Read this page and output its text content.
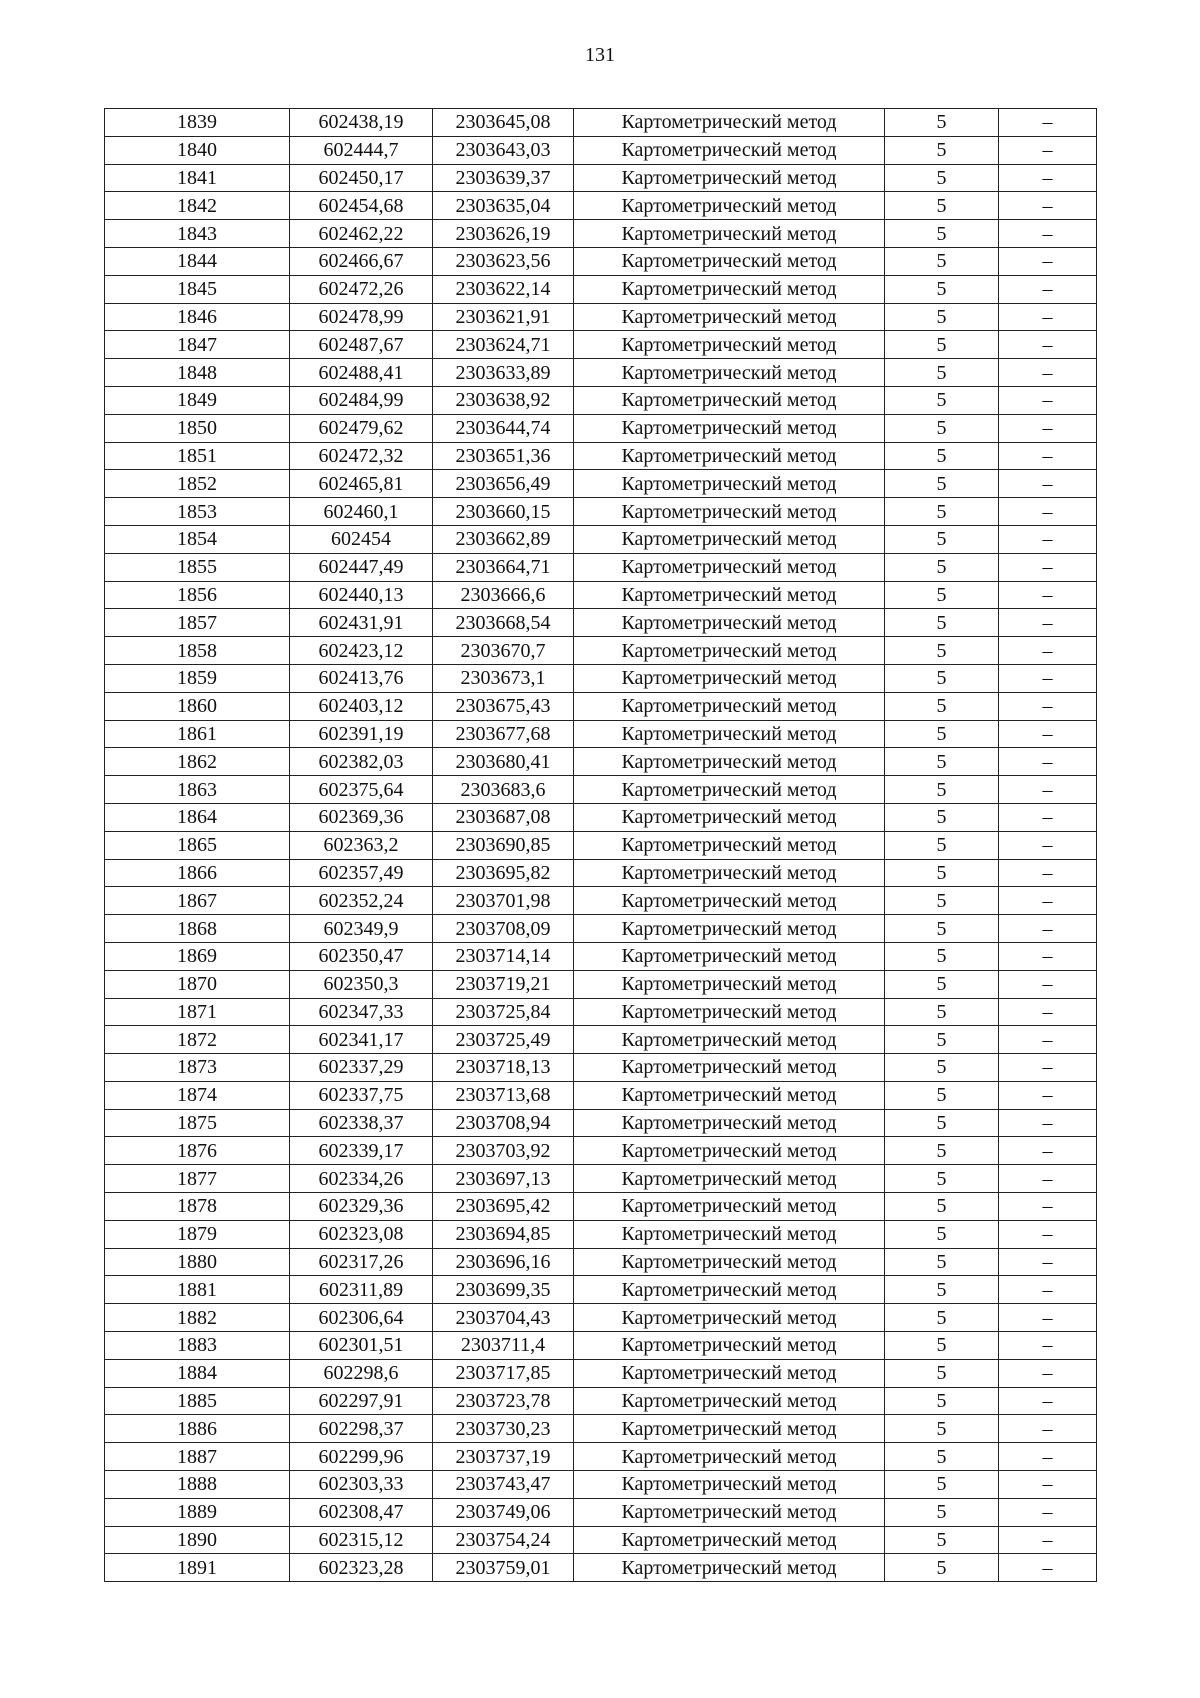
131
1839	602438,19	2303645,08	Картометрический метод	5	–
1840	602444,7	2303643,03	Картометрический метод	5	–
1841	602450,17	2303639,37	Картометрический метод	5	–
1842	602454,68	2303635,04	Картометрический метод	5	–
1843	602462,22	2303626,19	Картометрический метод	5	–
1844	602466,67	2303623,56	Картометрический метод	5	–
1845	602472,26	2303622,14	Картометрический метод	5	–
1846	602478,99	2303621,91	Картометрический метод	5	–
1847	602487,67	2303624,71	Картометрический метод	5	–
1848	602488,41	2303633,89	Картометрический метод	5	–
1849	602484,99	2303638,92	Картометрический метод	5	–
1850	602479,62	2303644,74	Картометрический метод	5	–
1851	602472,32	2303651,36	Картометрический метод	5	–
1852	602465,81	2303656,49	Картометрический метод	5	–
1853	602460,1	2303660,15	Картометрический метод	5	–
1854	602454	2303662,89	Картометрический метод	5	–
1855	602447,49	2303664,71	Картометрический метод	5	–
1856	602440,13	2303666,6	Картометрический метод	5	–
1857	602431,91	2303668,54	Картометрический метод	5	–
1858	602423,12	2303670,7	Картометрический метод	5	–
1859	602413,76	2303673,1	Картометрический метод	5	–
1860	602403,12	2303675,43	Картометрический метод	5	–
1861	602391,19	2303677,68	Картометрический метод	5	–
1862	602382,03	2303680,41	Картометрический метод	5	–
1863	602375,64	2303683,6	Картометрический метод	5	–
1864	602369,36	2303687,08	Картометрический метод	5	–
1865	602363,2	2303690,85	Картометрический метод	5	–
1866	602357,49	2303695,82	Картометрический метод	5	–
1867	602352,24	2303701,98	Картометрический метод	5	–
1868	602349,9	2303708,09	Картометрический метод	5	–
1869	602350,47	2303714,14	Картометрический метод	5	–
1870	602350,3	2303719,21	Картометрический метод	5	–
1871	602347,33	2303725,84	Картометрический метод	5	–
1872	602341,17	2303725,49	Картометрический метод	5	–
1873	602337,29	2303718,13	Картометрический метод	5	–
1874	602337,75	2303713,68	Картометрический метод	5	–
1875	602338,37	2303708,94	Картометрический метод	5	–
1876	602339,17	2303703,92	Картометрический метод	5	–
1877	602334,26	2303697,13	Картометрический метод	5	–
1878	602329,36	2303695,42	Картометрический метод	5	–
1879	602323,08	2303694,85	Картометрический метод	5	–
1880	602317,26	2303696,16	Картометрический метод	5	–
1881	602311,89	2303699,35	Картометрический метод	5	–
1882	602306,64	2303704,43	Картометрический метод	5	–
1883	602301,51	2303711,4	Картометрический метод	5	–
1884	602298,6	2303717,85	Картометрический метод	5	–
1885	602297,91	2303723,78	Картометрический метод	5	–
1886	602298,37	2303730,23	Картометрический метод	5	–
1887	602299,96	2303737,19	Картометрический метод	5	–
1888	602303,33	2303743,47	Картометрический метод	5	–
1889	602308,47	2303749,06	Картометрический метод	5	–
1890	602315,12	2303754,24	Картометрический метод	5	–
1891	602323,28	2303759,01	Картометрический метод	5	–
